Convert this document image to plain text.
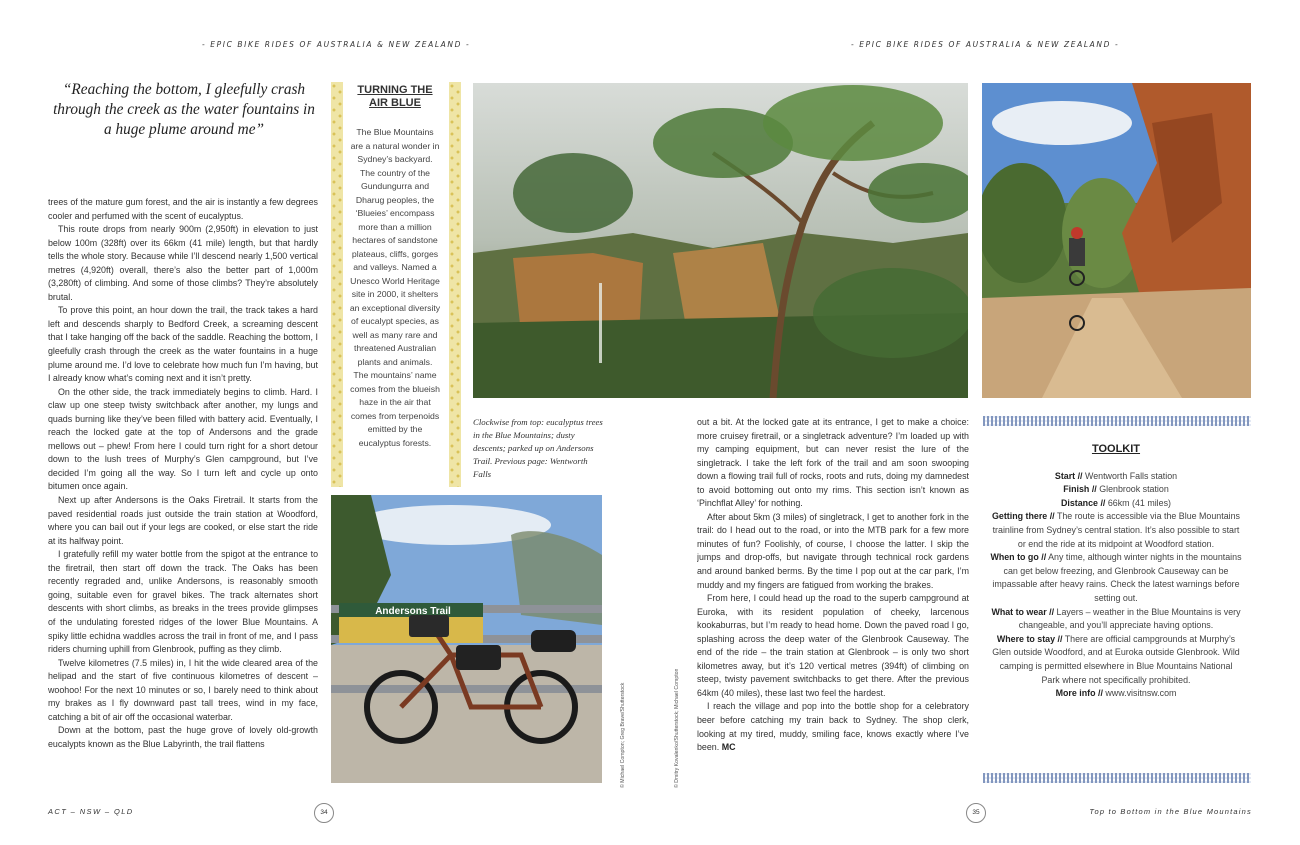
- EPIC BIKE RIDES OF AUSTRALIA & NEW ZEALAND -	- EPIC BIKE RIDES OF AUSTRALIA & NEW ZEALAND -
“Reaching the bottom, I gleefully crash through the creek as the water fountains in a huge plume around me”

trees of the mature gum forest, and the air is instantly a few degrees cooler and perfumed with the scent of eucalyptus.

This route drops from nearly 900m (2,950ft) in elevation to just below 100m (328ft) over its 66km (41 mile) length, but that hardly tells the whole story. Because while I’ll descend nearly 1,500 vertical metres (4,920ft) overall, there’s also the better part of 1,000m (3,280ft) of climbing. And some of those climbs? They’re absolutely brutal.

To prove this point, an hour down the trail, the track takes a hard left and descends sharply to Bedford Creek, a screaming descent that I take hanging off the back of the saddle. Reaching the bottom, I gleefully crash through the creek as the water fountains in a huge plume around me. I’d love to celebrate how much fun I’m having, but I already know what’s coming next and it isn’t pretty.

On the other side, the track immediately begins to climb. Hard. I claw up one steep twisty switchback after another, my lungs and quads burning like they’ve been filled with battery acid. Eventually, I reach the locked gate at the top of Andersons and the grade mellows out – phew! From here I could turn right for a short detour down to the lush trees of Murphy’s Glen campground, but I’ve decided I’m going all the way. So I turn left and cycle up onto bitumen once again.

Next up after Andersons is the Oaks Firetrail. It starts from the paved residential roads just outside the train station at Woodford, where you can bail out if your legs are cooked, or else start the ride at its halfway point.

I gratefully refill my water bottle from the spigot at the entrance to the firetrail, then start off down the track. The Oaks has been recently regraded and, unlike Andersons, is reasonably smooth going, suitable even for gravel bikes. The track alternates short descents with short climbs, as breaks in the trees provide glimpses of the undulating forested ridges of the lower Blue Mountains. A spiky little echidna waddles across the trail in front of me, and I pass riders churning uphill from Glenbrook, puffing as they climb.

Twelve kilometres (7.5 miles) in, I hit the wide cleared area of the helipad and the start of five continuous kilometres of descent – woohoo! For the next 10 minutes or so, I barely need to think about my brakes as I fly downward past tall trees, wind in my face, catching a bit of air off the occasional waterbar.

Down at the bottom, past the huge grove of lovely old-growth eucalypts known as the Blue Labyrinth, the trail flattens

TURNING THE AIR BLUE

The Blue Mountains are a natural wonder in Sydney’s backyard. The country of the Gundungurra and Dharug peoples, the ‘Blueies’ encompass more than a million hectares of sandstone plateaus, cliffs, gorges and valleys. Named a Unesco World Heritage site in 2000, it shelters an exceptional diversity of eucalypt species, as well as many rare and threatened Australian plants and animals. The mountains’ name comes from the blueish haze in the air that comes from terpenoids emitted by the eucalyptus forests.

Andersons Trail
© Michael Compton; Greg Brave/Shutterstock	© Dmitry Kovalenko/Shutterstock; Michael Compton
Clockwise from top: eucalyptus trees in the Blue Mountains; dusty descents; parked up on Andersons Trail. Previous page: Wentworth Falls

out a bit. At the locked gate at its entrance, I get to make a choice: more cruisey firetrail, or a singletrack adventure? I’m loaded up with my camping equipment, but can never resist the lure of the singletrack. I take the left fork of the trail and am soon swooping down a flowing trail full of rocks, roots and ruts, doing my damnedest to avoid bottoming out onto my rims. This section isn’t known as ‘Pinchflat Alley’ for nothing.

After about 5km (3 miles) of singletrack, I get to another fork in the trail: do I head out to the road, or into the MTB park for a few more minutes of fun? Foolishly, of course, I choose the latter. I skip the jumps and drop-offs, but navigate through technical rock gardens and around banked berms. By the time I pop out at the car park, I’m muddy and my fingers are fatigued from working the brakes.

From here, I could head up the road to the superb campground at Euroka, with its resident population of cheeky, larcenous kookaburras, but I’m ready to head home. Down the paved road I go, splashing across the deep water of the Glenbrook Causeway. The end of the ride – the train station at Glenbrook – is only two short kilometres away, but it’s 120 vertical metres (394ft) of climbing on steep, twisty pavement switchbacks to get there. After the previous 64km (40 miles), these last two feel the hardest.

I reach the village and pop into the bottle shop for a celebratory beer before catching my train back to Sydney. The shop clerk, looking at my tired, muddy, smiling face, knows exactly where I’ve been. MC

TOOLKIT
Start // Wentworth Falls station
Finish // Glenbrook station
Distance // 66km (41 miles)
Getting there // The route is accessible via the Blue Mountains trainline from Sydney’s central station. It’s also possible to start or end the ride at its midpoint at Woodford station.
When to go // Any time, although winter nights in the mountains can get below freezing, and Glenbrook Causeway can be impassable after heavy rains. Check the latest warnings before setting out.
What to wear // Layers – weather in the Blue Mountains is very changeable, and you’ll appreciate having options.
Where to stay // There are official campgrounds at Murphy’s Glen outside Woodford, and at Euroka outside Glenbrook. Wild camping is permitted elsewhere in Blue Mountains National Park where not specifically prohibited.
More info // www.visitnsw.com
ACT – NSW – QLD	34	35	Top to Bottom in the Blue Mountains
